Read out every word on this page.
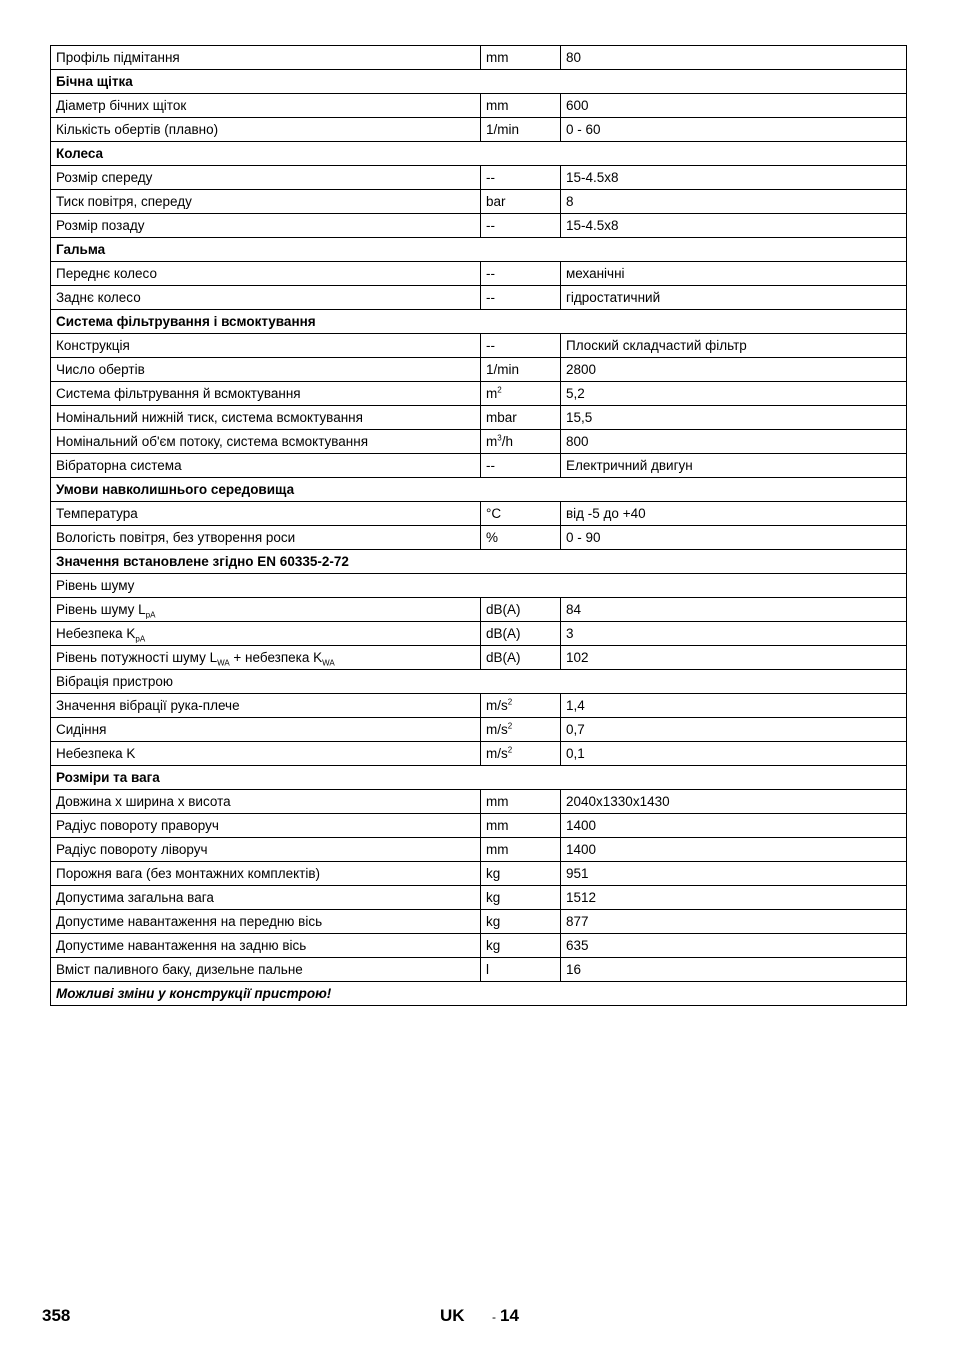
Профіль підмітання	mm	80
Бічна щітка		
Діаметр бічних щіток	mm	600
Кількість обертів (плавно)	1/min	0 - 60
Колеса		
Розмір спереду	--	15-4.5x8
Тиск повітря, спереду	bar	8
Розмір позаду	--	15-4.5x8
Гальма		
Переднє колесо	--	механічні
Заднє колесо	--	гідростатичний
Система фільтрування і всмоктування		
Конструкція	--	Плоский складчастий фільтр
Число обертів	1/min	2800
Система фільтрування й всмоктування	$m^2$	5,2
Номінальний нижній тиск, система всмоктування	mbar	15,5
Номінальний об'єм потоку, система всмоктування	$m^3/h$	800
Вібраторна система	--	Електричний двигун
Умови навколишнього середовища		
Температура	°C	від -5 до +40
Вологість повітря, без утворення роси	%	0 - 90
Значення встановлене згідно EN 60335-2-72		
Рівень шуму		
Рівень шуму $L_{pA}$	dB(A)	84
Небезпека $K_{pA}$	dB(A)	3
Рівень потужності шуму $L_{WA}$ + небезпека $K_{WA}$	dB(A)	102
Вібрація пристрою		
Значення вібрації рука-плече	$m/s^2$	1,4
Сидіння	$m/s^2$	0,7
Небезпека K	$m/s^2$	0,1
Розміри та вага		
Довжина x ширина x висота	mm	2040x1330x1430
Радіус повороту праворуч	mm	1400
Радіус повороту ліворуч	mm	1400
Порожня вага (без монтажних комплектів)	kg	951
Допустима загальна вага	kg	1512
Допустиме навантаження на передню вісь	kg	877
Допустиме навантаження на задню вісь	kg	635
Вміст паливного баку, дизельне пальне	l	16
Можливі зміни у конструкції пристрою!		
358	UK - 14
